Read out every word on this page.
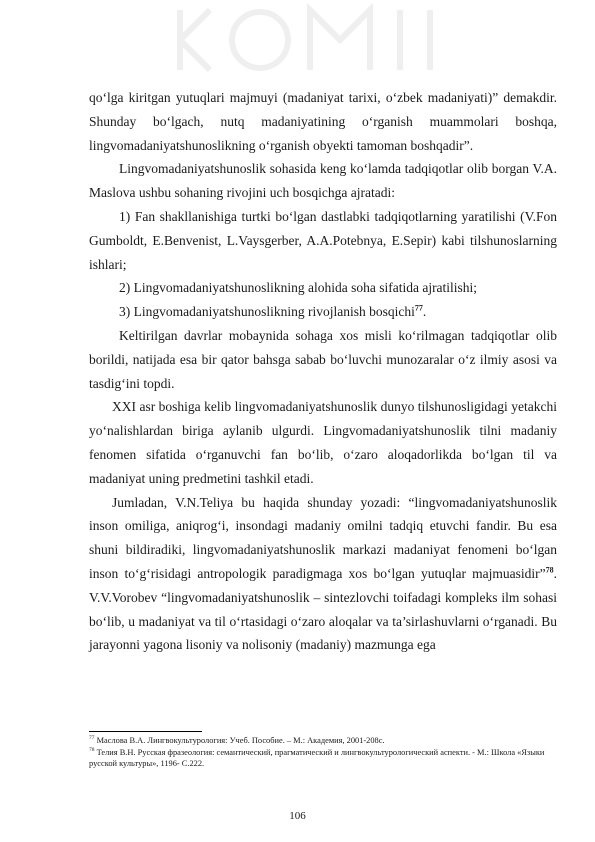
qo‘lga kiritgan yutuqlari majmuyi (madaniyat tarixi, o‘zbek madaniyati)” demakdir. Shunday bo‘lgach, nutq madaniyatining o‘rganish muammolari boshqa, lingvomadaniyatshunoslikning o‘rganish obyekti tamoman boshqadir”.

Lingvomadaniyatshunoslik sohasida keng ko‘lamda tadqiqotlar olib borgan V.A. Maslova ushbu sohaning rivojini uch bosqichga ajratadi:

1) Fan shakllanishiga turtki bo‘lgan dastlabki tadqiqotlarning yaratilishi (V.Fon Gumboldt, E.Benvenist, L.Vaysgerber, A.A.Potebnya, E.Sepir) kabi tilshunoslarning ishlari;

2) Lingvomadaniyatshunoslikning alohida soha sifatida ajratilishi;

3) Lingvomadaniyatshunoslikning rivojlanish bosqichi$^{77}$.

Keltirilgan davrlar mobaynida sohaga xos misli ko‘rilmagan tadqiqotlar olib borildi, natijada esa bir qator bahsga sabab bo‘luvchi munozaralar o‘z ilmiy asosi va tasdig‘ini topdi.

XXI asr boshiga kelib lingvomadaniyatshunoslik dunyo tilshunosligidagi yetakchi yo‘nalishlardan biriga aylanib ulgurdi. Lingvomadaniyatshunoslik tilni madaniy fenomen sifatida o‘rganuvchi fan bo‘lib, o‘zaro aloqadorlikda bo‘lgan til va madaniyat uning predmetini tashkil etadi.

Jumladan, V.N.Teliya bu haqida shunday yozadi: “lingvomadaniyatshunoslik inson omiliga, aniqrog‘i, insondagi madaniy omilni tadqiq etuvchi fandir. Bu esa shuni bildiradiki, lingvomadaniyatshunoslik markazi madaniyat fenomeni bo‘lgan inson to‘g‘risidagi antropologik paradigmaga xos bo‘lgan yutuqlar majmuasidir”$^{78}$. V.V.Vorobev “lingvomadaniyatshunoslik – sintezlovchi toifadagi kompleks ilm sohasi bo‘lib, u madaniyat va til o‘rtasidagi o‘zaro aloqalar va ta’sirlashuvlarni o‘rganadi. Bu jarayonni yagona lisoniy va nolisoniy (madaniy) mazmunga ega

$^{77}$ Маслова В.А. Лингвокультурология: Учеб. Пособие. – М.: Академия, 2001-208с.

$^{78}$ Телия В.Н. Русская фразеология: семантический, прагматический и лингвокультурологический аспекти. - М.: Школа «Языки русской культуры», 1196- С.222.

106
